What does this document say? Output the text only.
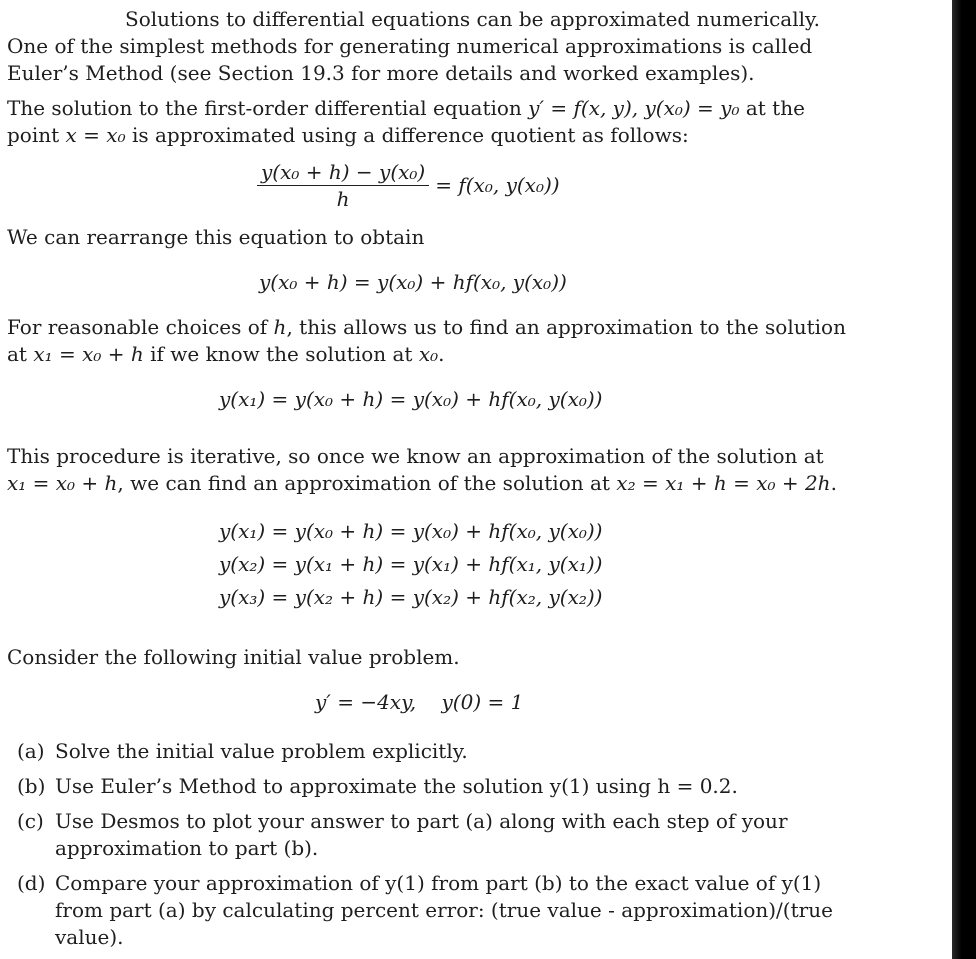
Solutions to differential equations can be approximated numerically. One of the simplest methods for generating numerical approximations is called Euler’s Method (see Section 19.3 for more details and worked examples).

The solution to the first-order differential equation y′ = f(x, y), y(x₀) = y₀ at the point x = x₀ is approximated using a difference quotient as follows:

$\frac{\text{y(x₀ + h) − y(x₀)}}{h} = f(x_0$, y(x₀))

We can rearrange this equation to obtain

y(x₀ + h) = y(x₀) + hf(x₀, y(x₀))

For reasonable choices of h, this allows us to find an approximation to the solution at x₁ = x₀ + h if we know the solution at x₀.

y(x₁) = y(x₀ + h) = y(x₀) + hf(x₀, y(x₀))

This procedure is iterative, so once we know an approximation of the solution at x₁ = x₀ + h, we can find an approximation of the solution at x₂ = x₁ + h = x₀ + 2h.

y(x₁) = y(x₀ + h) = y(x₀) + hf(x₀, y(x₀))
y(x₂) = y(x₁ + h) = y(x₁) + hf(x₁, y(x₁))
y(x₃) = y(x₂ + h) = y(x₂) + hf(x₂, y(x₂))

Consider the following initial value problem.

y′ = −4xy,    y(0) = 1

(a) Solve the initial value problem explicitly.
(b) Use Euler’s Method to approximate the solution y(1) using h = 0.2.
(c) Use Desmos to plot your answer to part (a) along with each step of your approximation to part (b).
(d) Compare your approximation of y(1) from part (b) to the exact value of y(1) from part (a) by calculating percent error: (true value - approximation)/(true value).
